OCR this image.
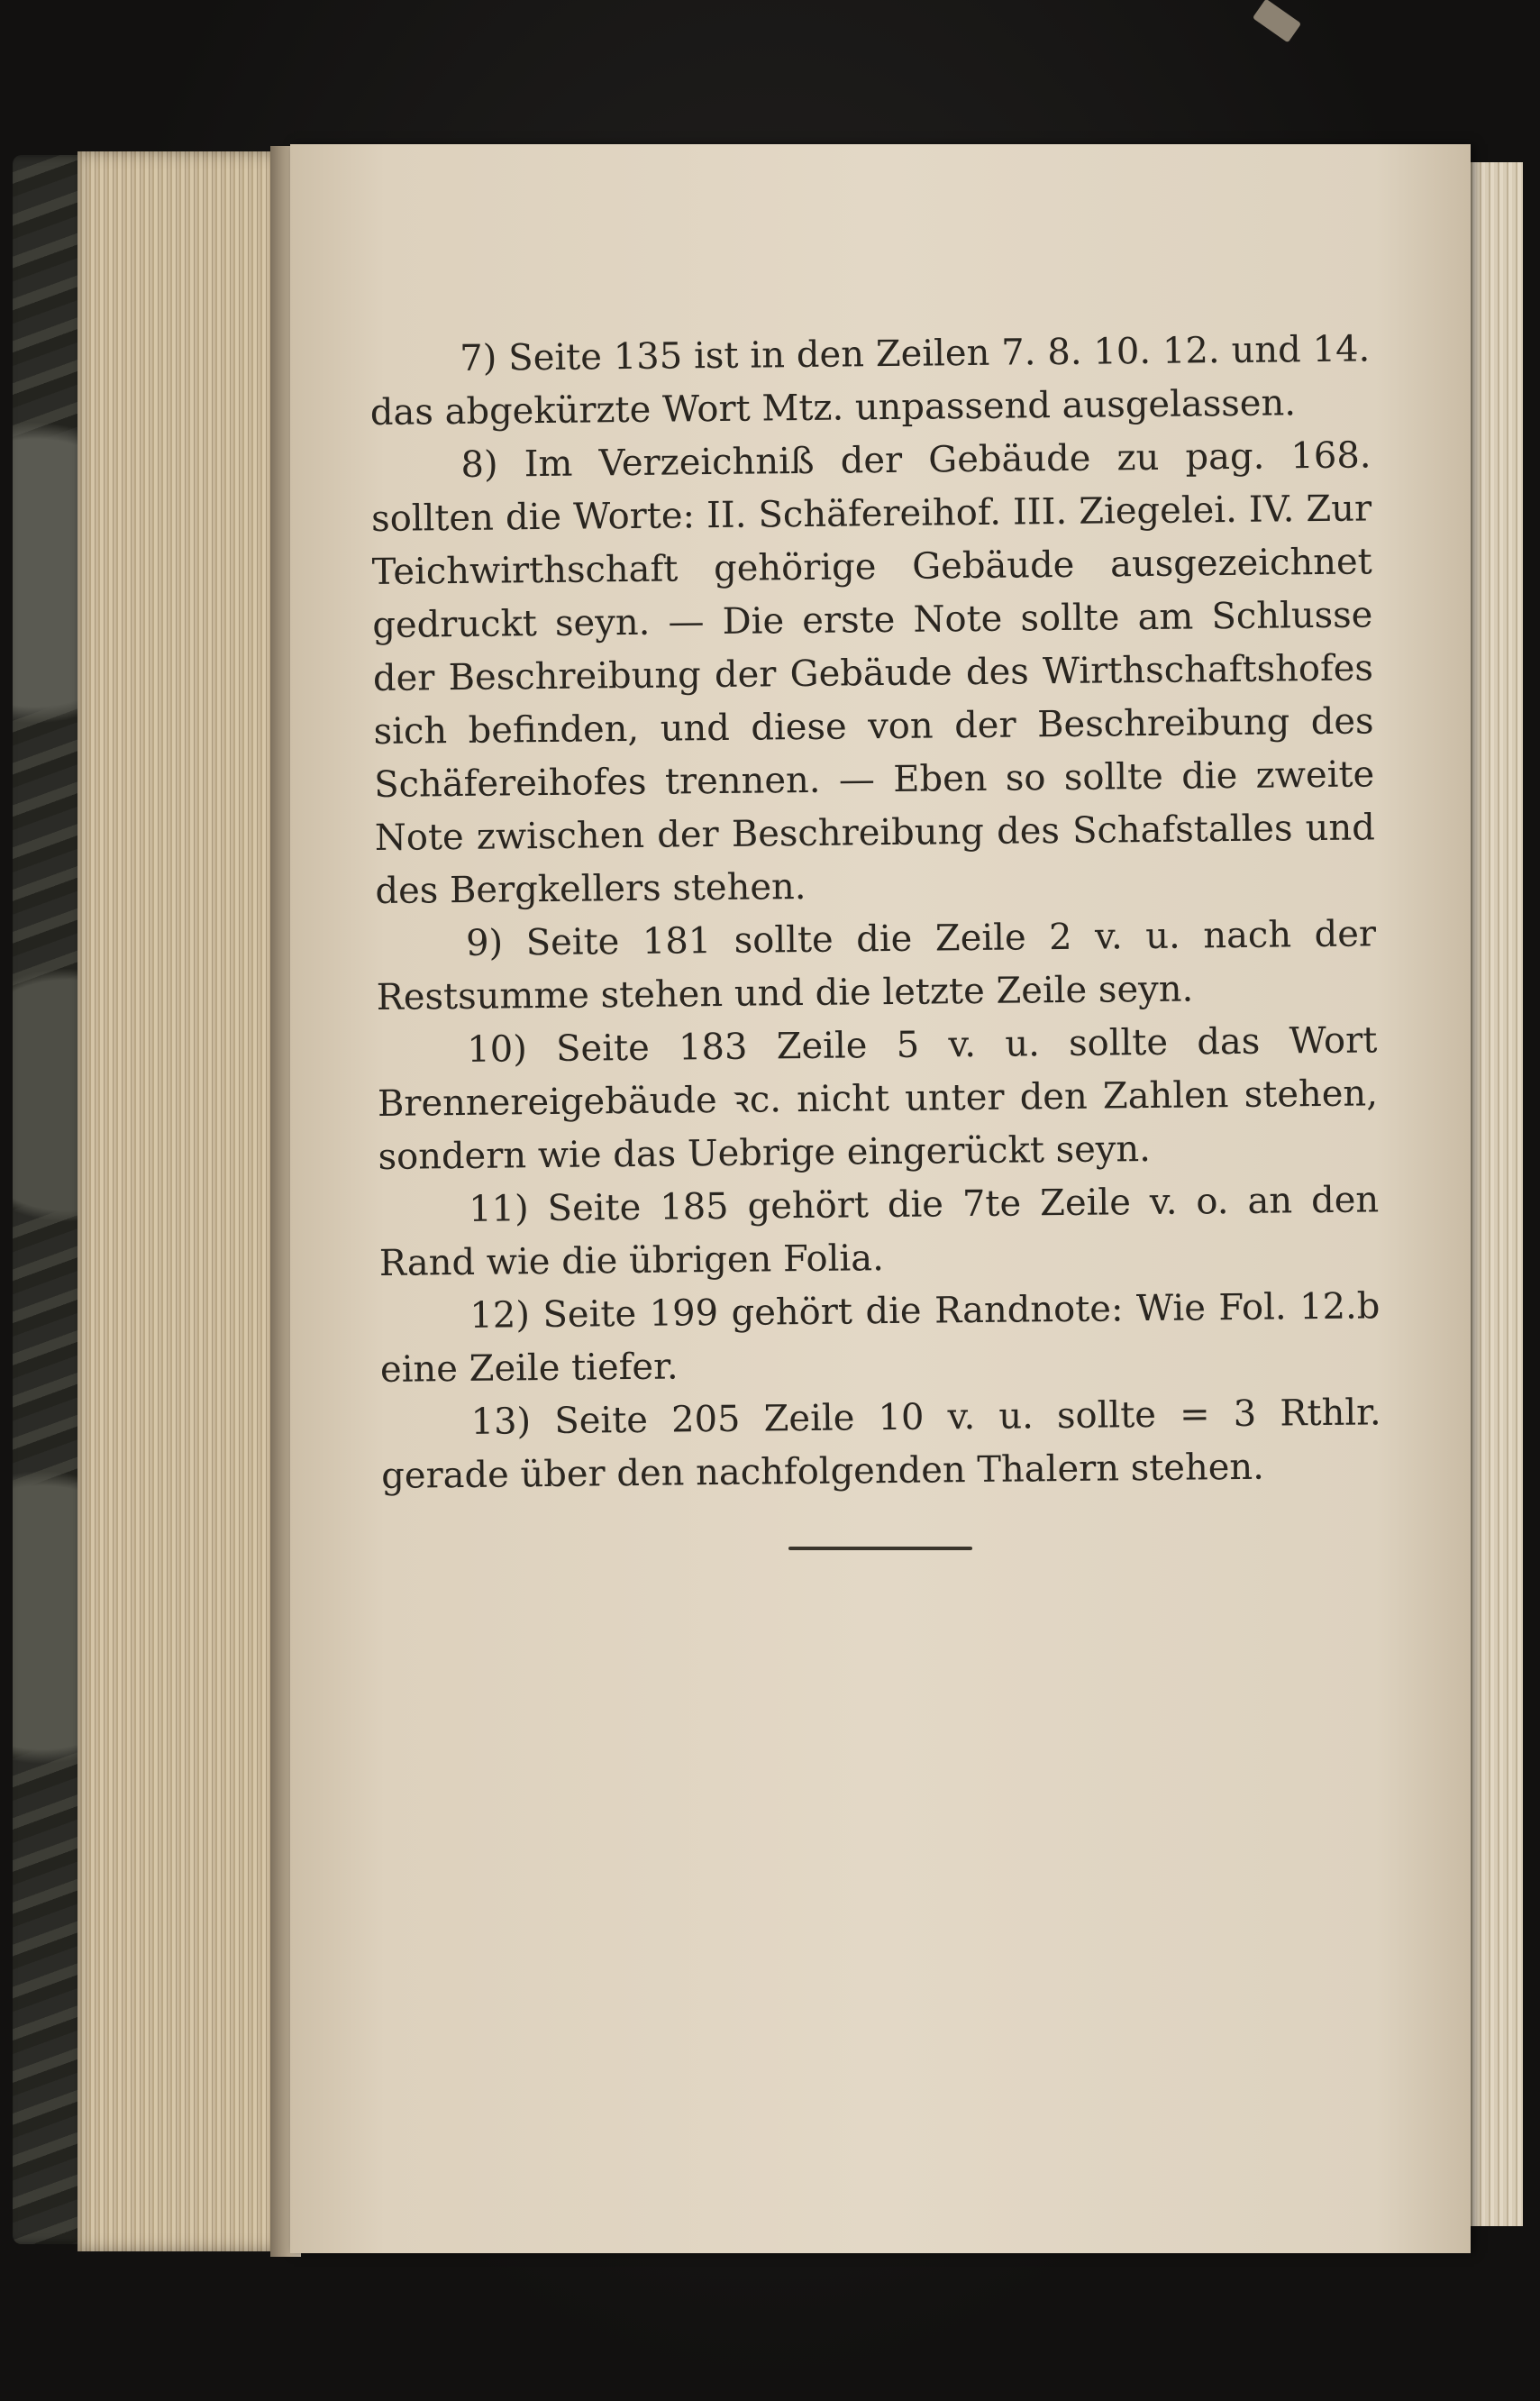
7) Seite 135 ist in den Zeilen 7. 8. 10. 12. und 14. das abgekürzte Wort Mtz. unpassend ausgelassen.

8) Im Verzeichniß der Gebäude zu pag. 168. sollten die Worte: II. Schäfereihof. III. Ziegelei. IV. Zur Teichwirthschaft gehörige Gebäude ausgezeichnet gedruckt seyn. — Die erste Note sollte am Schlusse der Beschreibung der Gebäude des Wirthschaftshofes sich befinden, und diese von der Beschreibung des Schäfereihofes trennen. — Eben so sollte die zweite Note zwischen der Beschreibung des Schafstalles und des Bergkellers stehen.

9) Seite 181 sollte die Zeile 2 v. u. nach der Restsumme stehen und die letzte Zeile seyn.

10) Seite 183 Zeile 5 v. u. sollte das Wort Brennereigebäude ꝛc. nicht unter den Zahlen stehen, sondern wie das Uebrige eingerückt seyn.

11) Seite 185 gehört die 7te Zeile v. o. an den Rand wie die übrigen Folia.

12) Seite 199 gehört die Randnote: Wie Fol. 12.b eine Zeile tiefer.

13) Seite 205 Zeile 10 v. u. sollte = 3 Rthlr. gerade über den nachfolgenden Thalern stehen.
